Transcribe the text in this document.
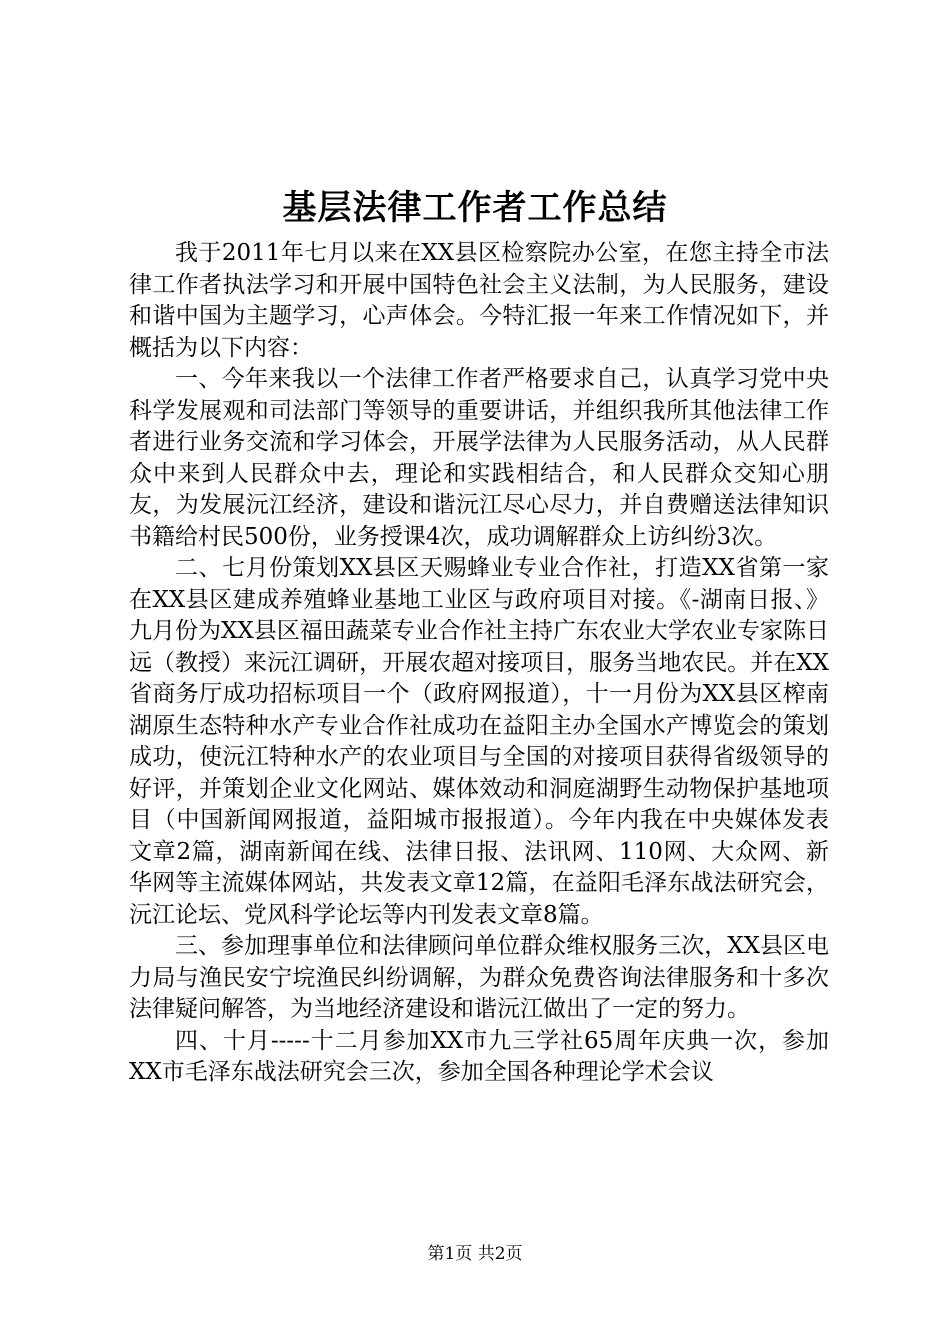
基层法律工作者工作总结

我于2011年七月以来在XX县区检察院办公室，在您主持全市法律工作者执法学习和开展中国特色社会主义法制，为人民服务，建设和谐中国为主题学习，心声体会。今特汇报一年来工作情况如下，并概括为以下内容：

一、今年来我以一个法律工作者严格要求自己，认真学习党中央科学发展观和司法部门等领导的重要讲话，并组织我所其他法律工作者进行业务交流和学习体会，开展学法律为人民服务活动，从人民群众中来到人民群众中去，理论和实践相结合，和人民群众交知心朋友，为发展沅江经济，建设和谐沅江尽心尽力，并自费赠送法律知识书籍给村民500份，业务授课4次，成功调解群众上访纠纷3次。

二、七月份策划XX县区天赐蜂业专业合作社，打造XX省第一家在XX县区建成养殖蜂业基地工业区与政府项目对接。《-湖南日报、》九月份为XX县区福田蔬菜专业合作社主持广东农业大学农业专家陈日远（教授）来沅江调研，开展农超对接项目，服务当地农民。并在XX省商务厅成功招标项目一个（政府网报道），十一月份为XX县区榨南湖原生态特种水产专业合作社成功在益阳主办全国水产博览会的策划成功，使沅江特种水产的农业项目与全国的对接项目获得省级领导的好评，并策划企业文化网站、媒体效动和洞庭湖野生动物保护基地项目（中国新闻网报道，益阳城市报报道）。今年内我在中央媒体发表文章2篇，湖南新闻在线、法律日报、法讯网、110网、大众网、新华网等主流媒体网站，共发表文章12篇，在益阳毛泽东战法研究会，沅江论坛、党风科学论坛等内刊发表文章8篇。

三、参加理事单位和法律顾问单位群众维权服务三次，XX县区电力局与渔民安宁垸渔民纠纷调解，为群众免费咨询法律服务和十多次法律疑问解答，为当地经济建设和谐沅江做出了一定的努力。

四、十月-----十二月参加XX市九三学社65周年庆典一次，参加XX市毛泽东战法研究会三次，参加全国各种理论学术会议

第1页 共2页
